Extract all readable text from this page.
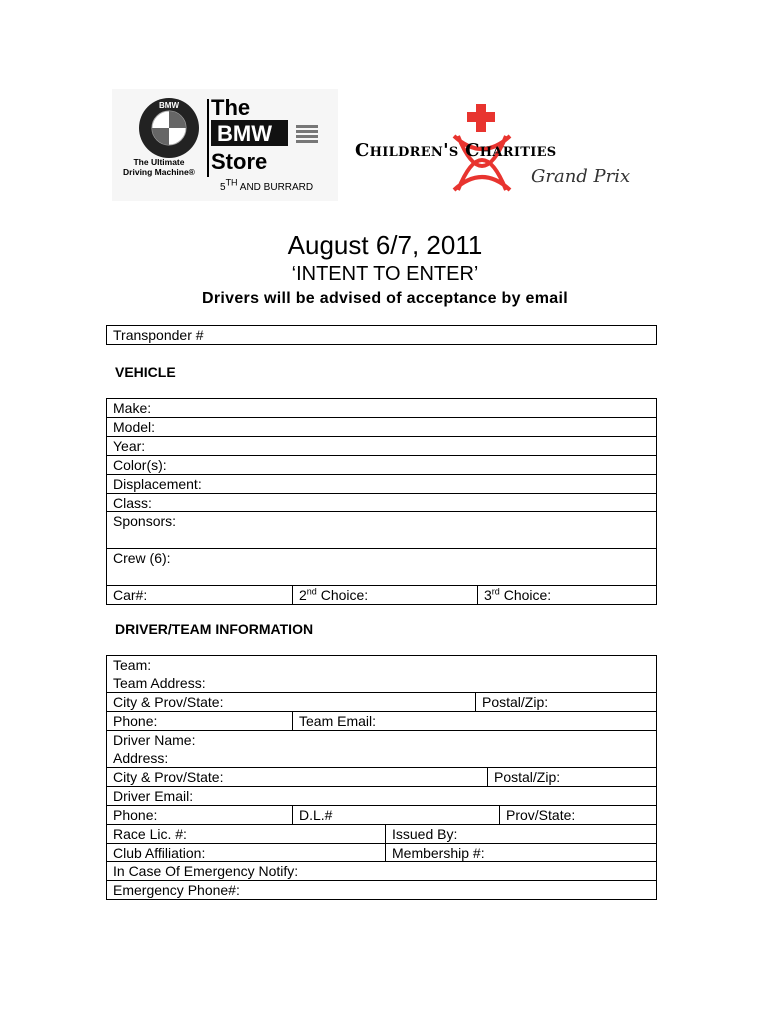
BMW
The Ultimate
Driving Machine®
The
BMW
Store
5TH AND BURRARD
Children's Charities
Grand Prix
August 6/7, 2011
‘INTENT TO ENTER’
Drivers will be advised of acceptance by email
Transponder #
VEHICLE
Make:
Model:
Year:
Color(s):
Displacement:
Class:
Sponsors:
Crew (6):
Car#:	2nd Choice:	3rd Choice:
DRIVER/TEAM INFORMATION
Team:
Team Address:
City & Prov/State:	Postal/Zip:
Phone:	Team Email:
Driver Name:
Address:
City & Prov/State:	Postal/Zip:
Driver Email:
Phone:	D.L.#	Prov/State:
Race Lic. #:	Issued By:
Club Affiliation:	Membership #:
In Case Of Emergency Notify:
Emergency Phone#:
